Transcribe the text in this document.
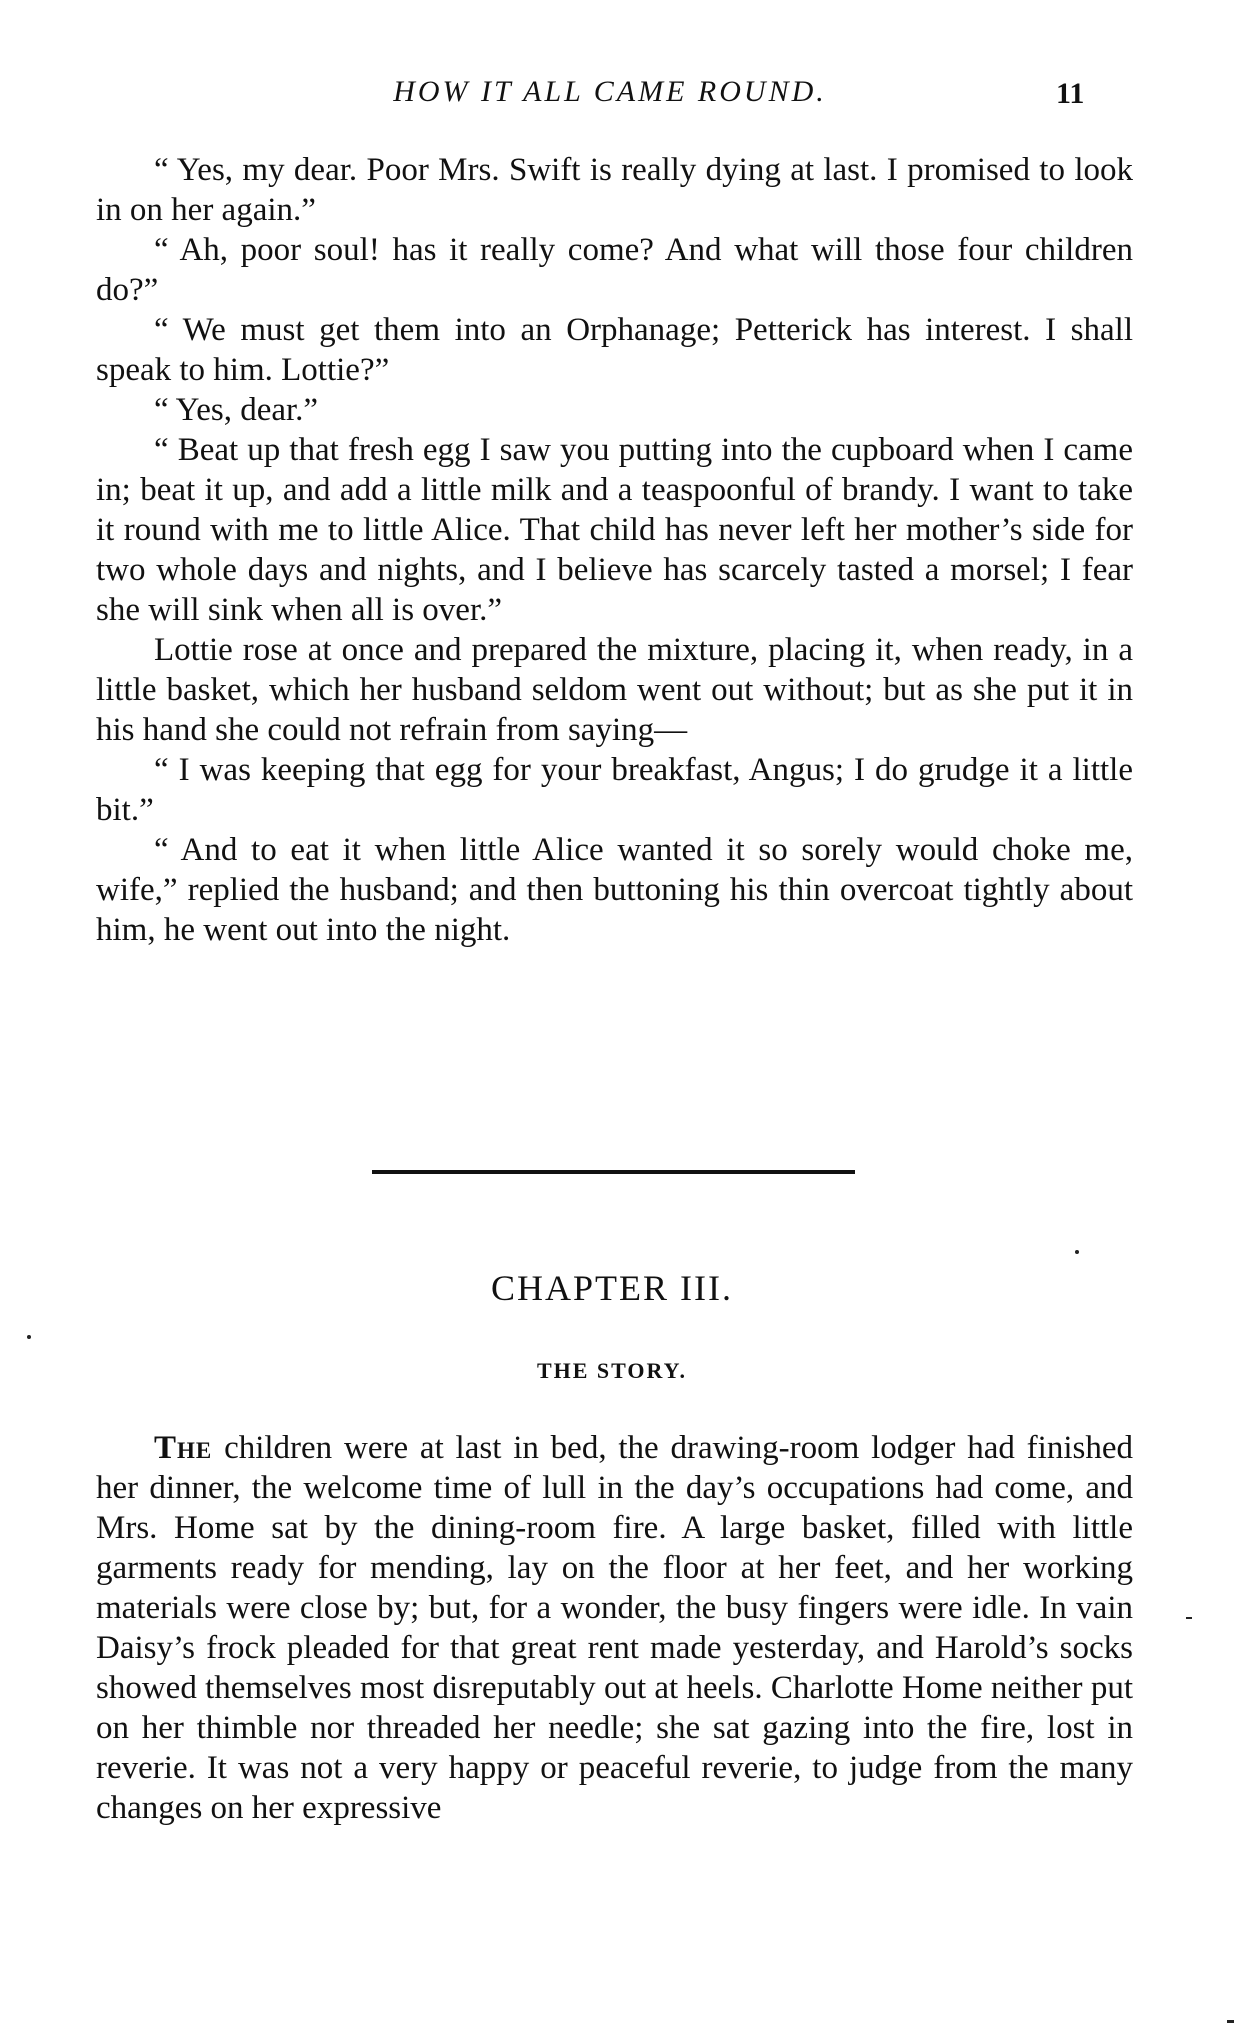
HOW IT ALL CAME ROUND.	11

“ Yes, my dear. Poor Mrs. Swift is really dying at last. I promised to look in on her again.”

“ Ah, poor soul! has it really come? And what will those four children do?”

“ We must get them into an Orphanage; Petterick has interest. I shall speak to him. Lottie?”

“ Yes, dear.”

“ Beat up that fresh egg I saw you putting into the cupboard when I came in; beat it up, and add a little milk and a teaspoonful of brandy. I want to take it round with me to little Alice. That child has never left her mother’s side for two whole days and nights, and I believe has scarcely tasted a morsel; I fear she will sink when all is over.”

Lottie rose at once and prepared the mixture, placing it, when ready, in a little basket, which her husband seldom went out without; but as she put it in his hand she could not refrain from saying—

“ I was keeping that egg for your breakfast, Angus; I do grudge it a little bit.”

“ And to eat it when little Alice wanted it so sorely would choke me, wife,” replied the husband; and then buttoning his thin overcoat tightly about him, he went out into the night.

CHAPTER III.
THE STORY.

The children were at last in bed, the drawing-room lodger had finished her dinner, the welcome time of lull in the day’s occupations had come, and Mrs. Home sat by the dining-room fire. A large basket, filled with little garments ready for mending, lay on the floor at her feet, and her working materials were close by; but, for a wonder, the busy fingers were idle. In vain Daisy’s frock pleaded for that great rent made yesterday, and Harold’s socks showed themselves most disreputably out at heels. Charlotte Home neither put on her thimble nor threaded her needle; she sat gazing into the fire, lost in reverie. It was not a very happy or peaceful reverie, to judge from the many changes on her expressive
